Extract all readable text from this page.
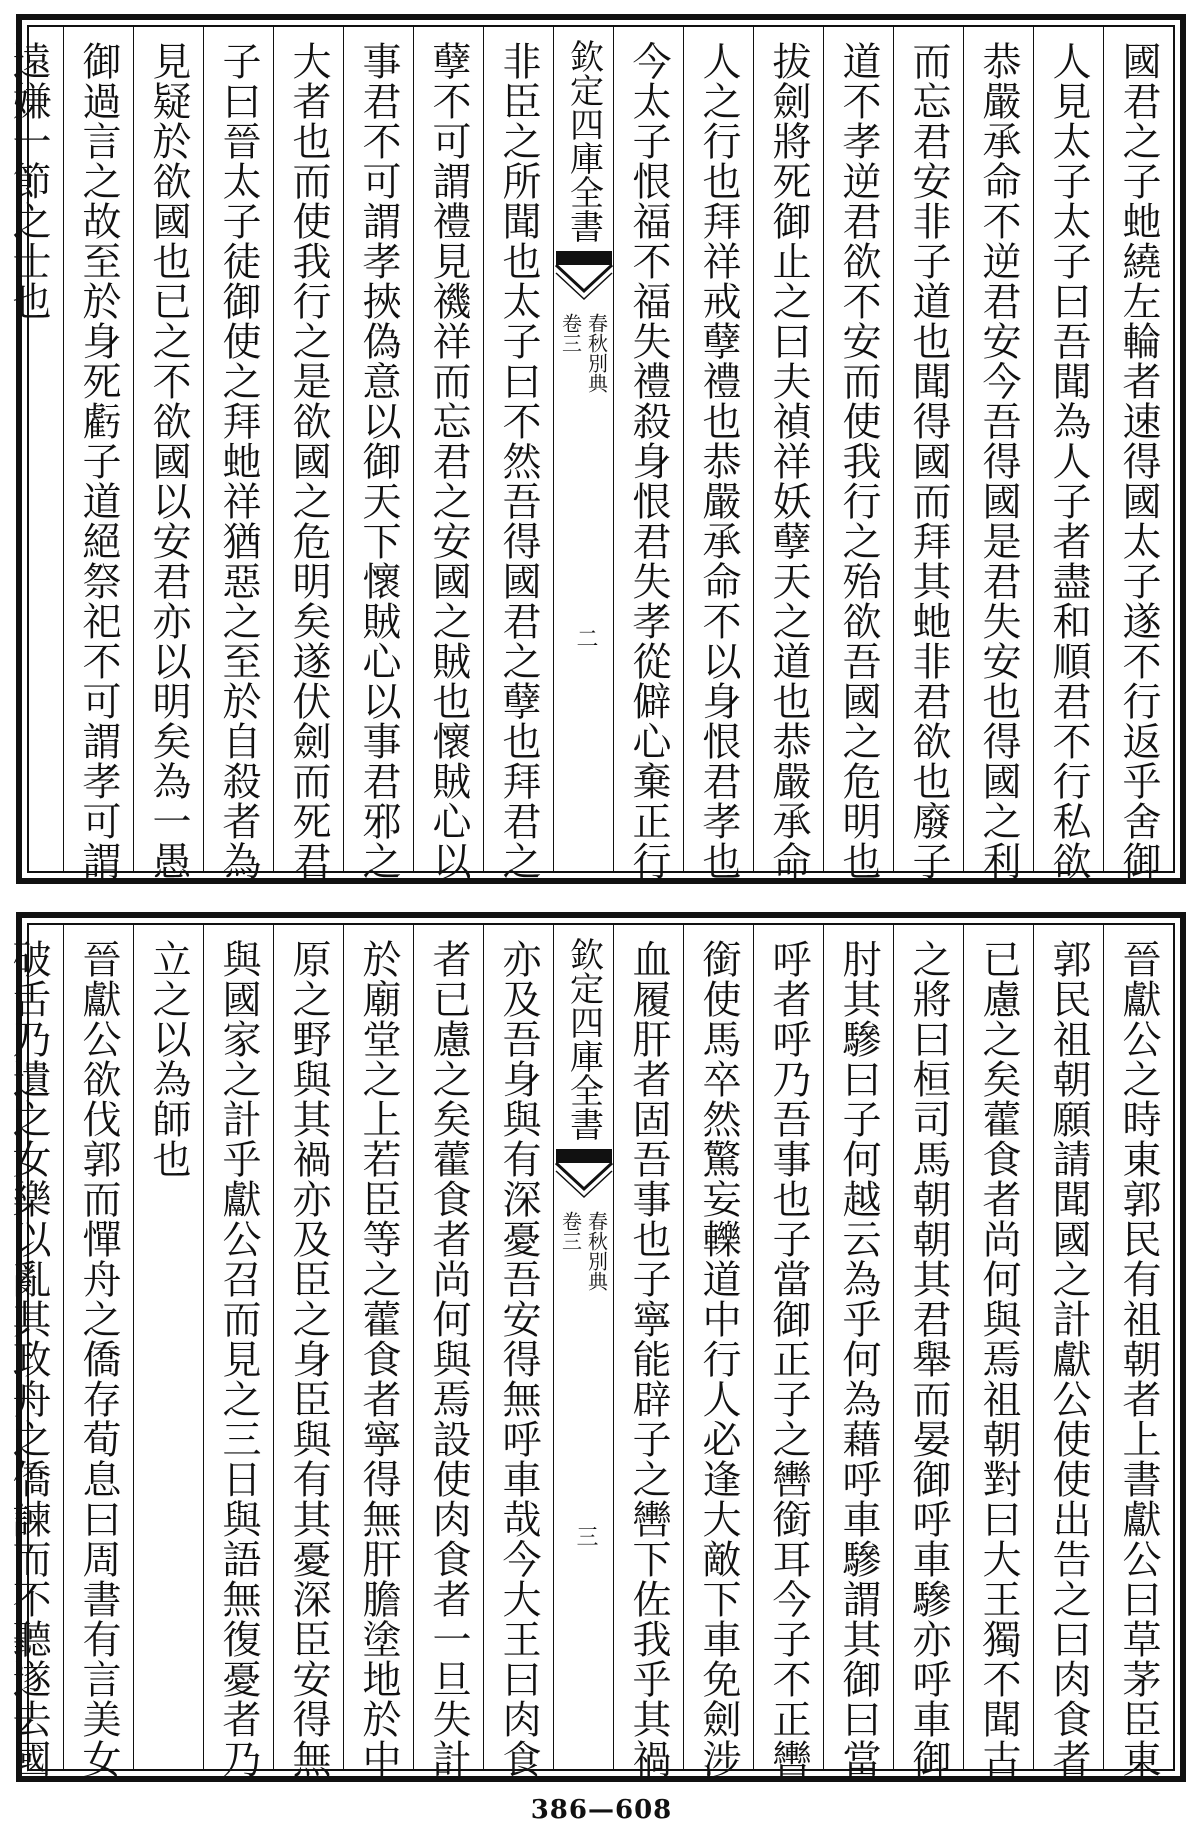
國君之子虵繞左輪者速得國太子遂不行返乎舍御
人見太子太子曰吾聞為人子者盡和順君不行私欲
恭嚴承命不逆君安今吾得國是君失安也得國之利
而忘君安非子道也聞得國而拜其虵非君欲也廢子
道不孝逆君欲不安而使我行之殆欲吾國之危明也
拔劍將死御止之曰夫禎祥妖孽天之道也恭嚴承命
人之行也拜祥戒孽禮也恭嚴承命不以身恨君孝也
今太子恨福不福失禮殺身恨君失孝從僻心棄正行
欽定四庫全書
春秋別典
卷三
二
非臣之所聞也太子曰不然吾得國君之孽也拜君之
孽不可謂禮見禨祥而忘君之安國之賊也懷賊心以
事君不可謂孝挾偽意以御天下懷賊心以事君邪之
大者也而使我行之是欲國之危明矣遂伏劍而死君
子曰晉太子徒御使之拜虵祥猶惡之至於自殺者為
見疑於欲國也已之不欲國以安君亦以明矣為一愚
御過言之故至於身死虧子道絕祭祀不可謂孝可謂
遠嫌一節之士也
晉獻公之時東郭民有祖朝者上書獻公曰草茅臣東
郭民祖朝願請聞國之計獻公使使出告之曰肉食者
已慮之矣藿食者尚何與焉祖朝對曰大王獨不聞古
之將曰桓司馬朝朝其君舉而晏御呼車驂亦呼車御
肘其驂曰子何越云為乎何為藉呼車驂謂其御曰當
呼者呼乃吾事也子當御正子之轡銜耳今子不正轡
銜使馬卒然驚妄轢道中行人必逢大敵下車免劍涉
血履肝者固吾事也子寧能辟子之轡下佐我乎其禍
欽定四庫全書
春秋別典
卷三
三
亦及吾身與有深憂吾安得無呼車哉今大王曰肉食
者已慮之矣藿食者尚何與焉設使肉食者一旦失計
於廟堂之上若臣等之藿食者寧得無肝膽塗地於中
原之野與其禍亦及臣之身臣與有其憂深臣安得無
與國家之計乎獻公召而見之三日與語無復憂者乃
立之以為師也
晉獻公欲伐郭而憚舟之僑存荀息曰周書有言美女
破舌乃遺之女樂以亂其政舟之僑諫而不聽遂去國
386—608
